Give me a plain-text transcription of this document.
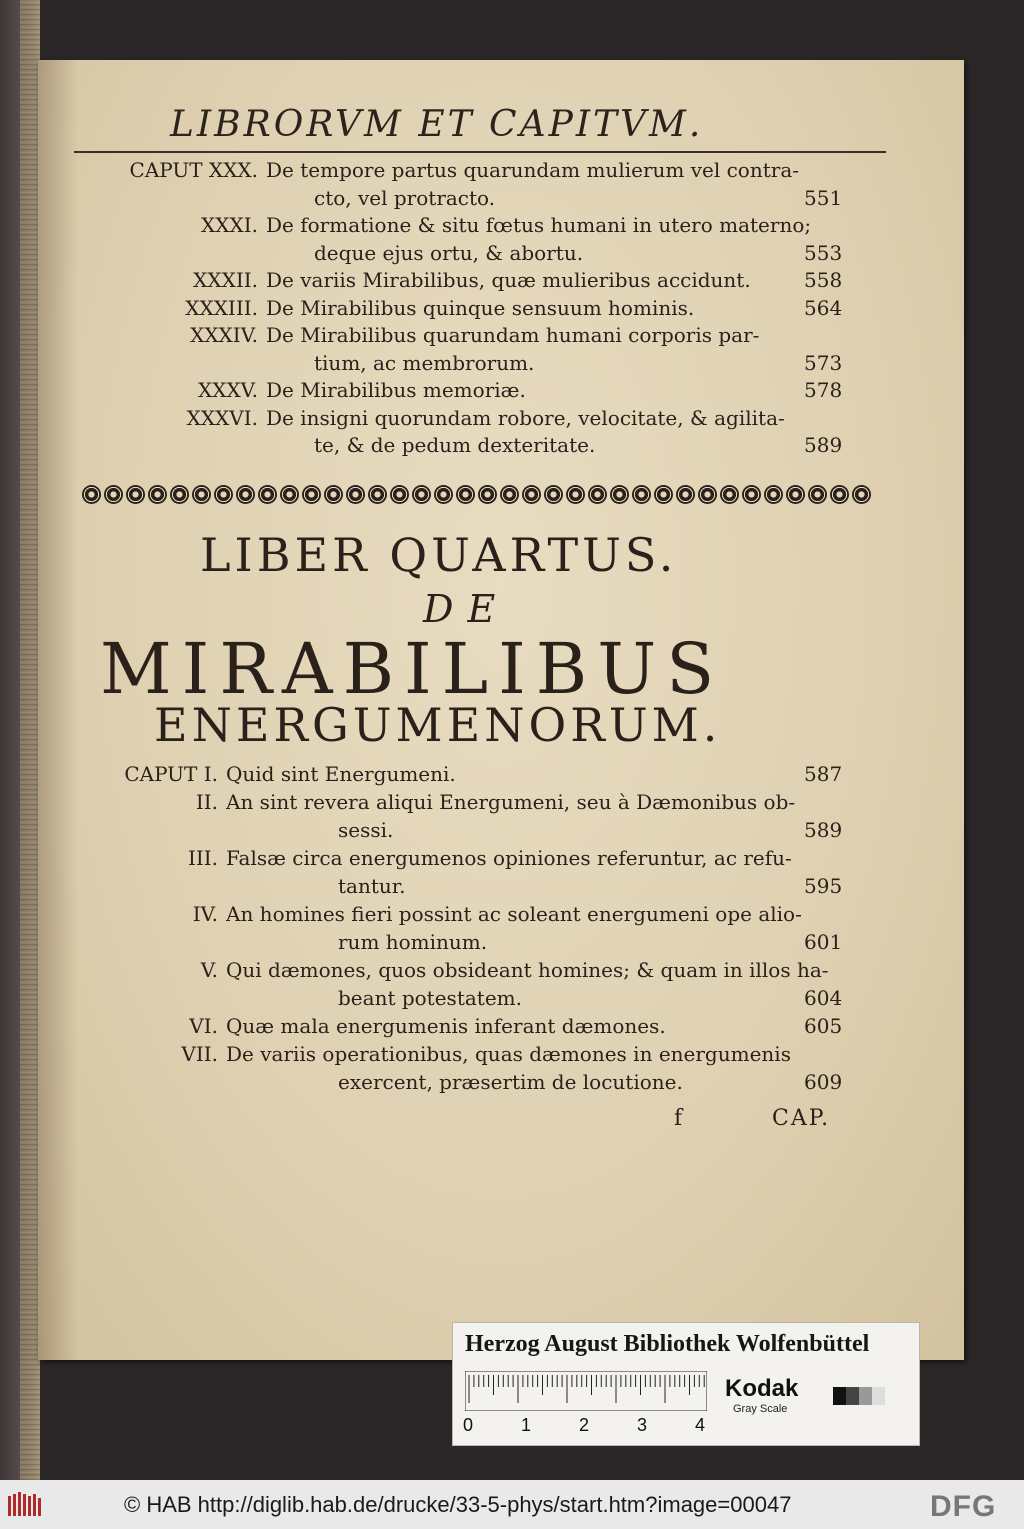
LIBRORVM ET CAPITVM.
CAPUT XXX. De tempore partus quarundam mulierum vel contra-
cto, vel protracto.	551
XXXI. De formatione & situ fœtus humani in utero materno;
deque ejus ortu, & abortu.	553
XXXII. De variis Mirabilibus, quæ mulieribus accidunt.	558
XXXIII. De Mirabilibus quinque sensuum hominis.	564
XXXIV. De Mirabilibus quarundam humani corporis par-
tium, ac membrorum.	573
XXXV. De Mirabilibus memoriæ.	578
XXXVI. De insigni quorundam robore, velocitate, & agilita-
te, & de pedum dexteritate.	589
LIBER QUARTUS.
DE
MIRABILIBUS
ENERGUMENORUM.
CAPUT I. Quid sint Energumeni.	587
II. An sint revera aliqui Energumeni, seu à Dæmonibus ob-
sessi.	589
III. Falsæ circa energumenos opiniones referuntur, ac refu-
tantur.	595
IV. An homines fieri possint ac soleant energumeni ope alio-
rum hominum.	601
V. Qui dæmones, quos obsideant homines; & quam in illos ha-
beant potestatem.	604
VI. Quæ mala energumenis inferant dæmones.	605
VII. De variis operationibus, quas dæmones in energumenis
exercent, præsertim de locutione.	609
f	CAP.
Herzog August Bibliothek Wolfenbüttel
0	1	2	3	4
Kodak
Gray Scale
© HAB http://diglib.hab.de/drucke/33-5-phys/start.htm?image=00047	DFG
